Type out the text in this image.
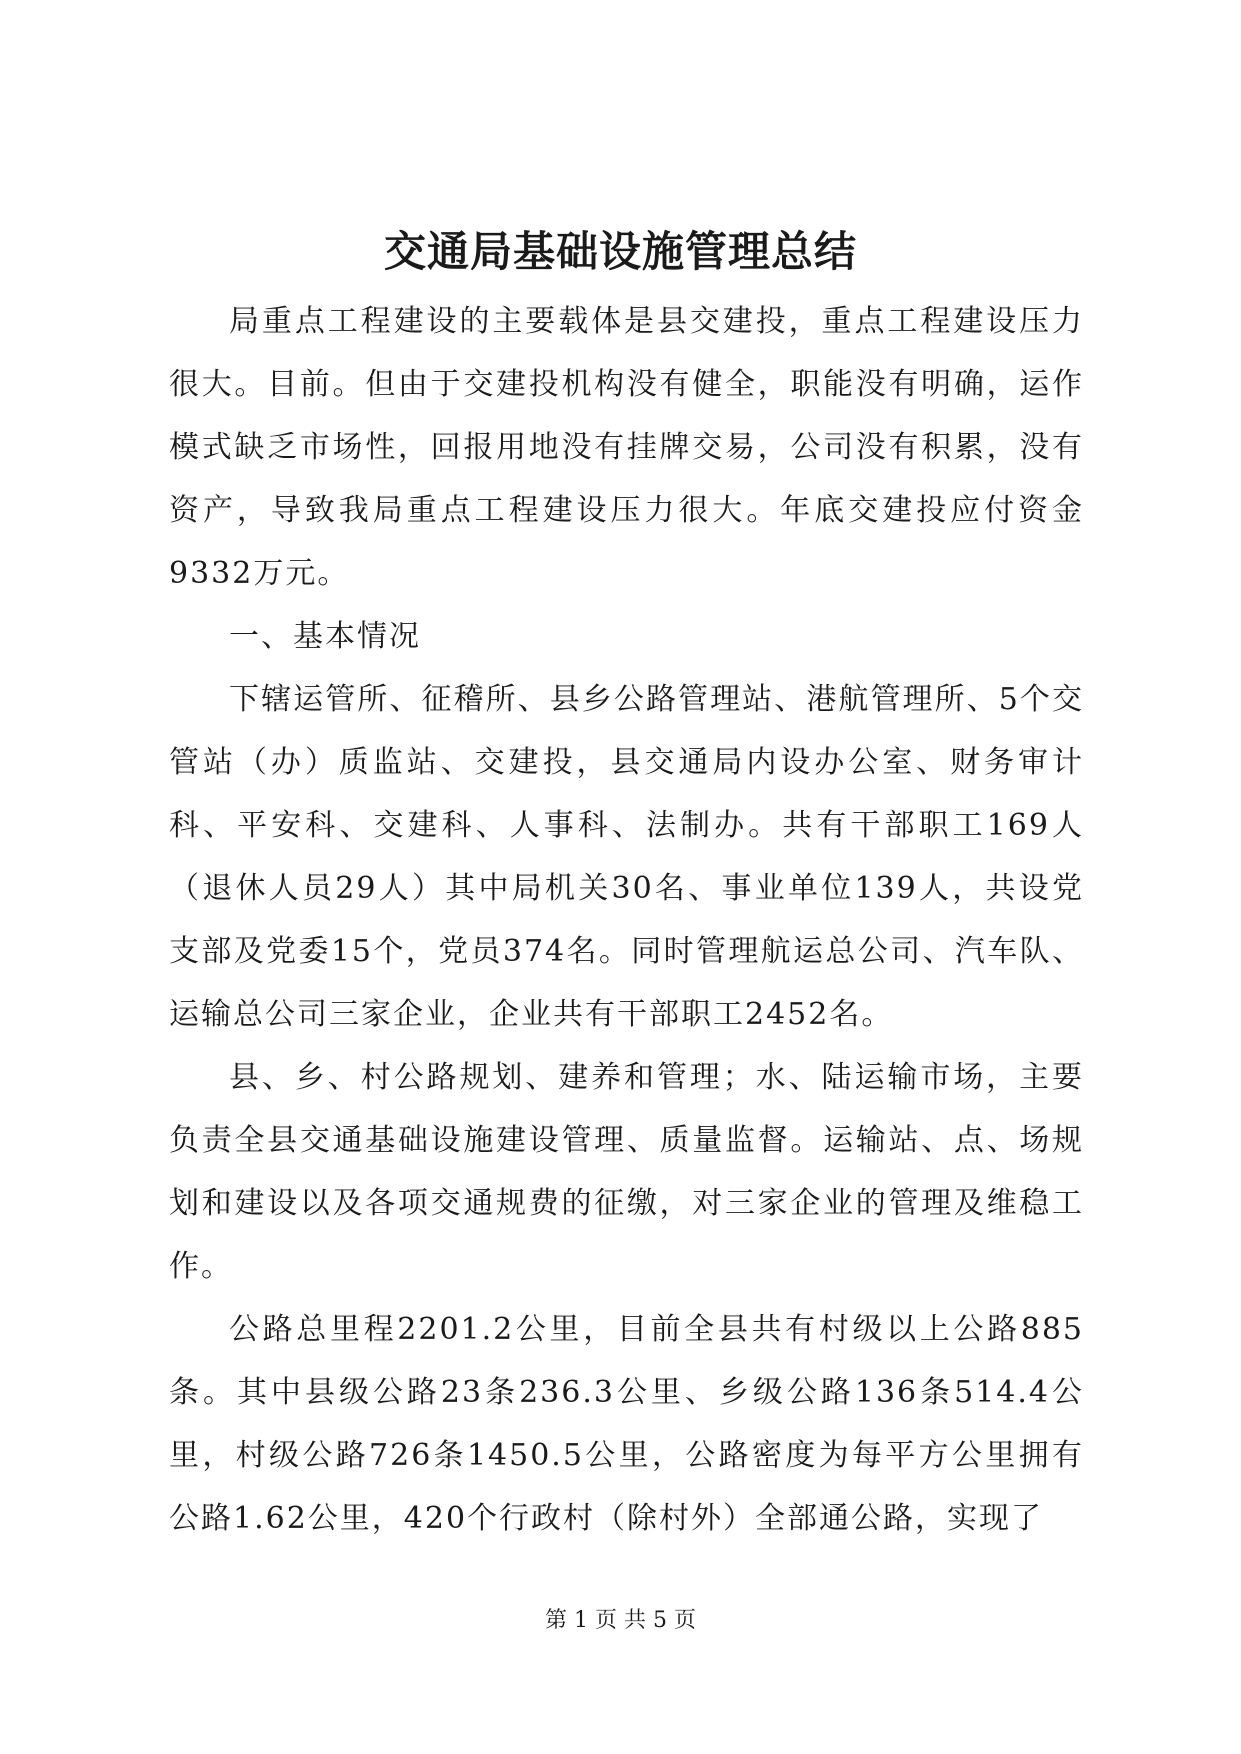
交通局基础设施管理总结

局重点工程建设的主要载体是县交建投，重点工程建设压力很大。目前。但由于交建投机构没有健全，职能没有明确，运作模式缺乏市场性，回报用地没有挂牌交易，公司没有积累，没有资产，导致我局重点工程建设压力很大。年底交建投应付资金9332万元。

一、基本情况

下辖运管所、征稽所、县乡公路管理站、港航管理所、5个交管站（办）质监站、交建投，县交通局内设办公室、财务审计科、平安科、交建科、人事科、法制办。共有干部职工169人（退休人员29人）其中局机关30名、事业单位139人，共设党支部及党委15个，党员374名。同时管理航运总公司、汽车队、运输总公司三家企业，企业共有干部职工2452名。

县、乡、村公路规划、建养和管理；水、陆运输市场，主要负责全县交通基础设施建设管理、质量监督。运输站、点、场规划和建设以及各项交通规费的征缴，对三家企业的管理及维稳工作。

公路总里程2201.2公里，目前全县共有村级以上公路885条。其中县级公路23条236.3公里、乡级公路136条514.4公里，村级公路726条1450.5公里，公路密度为每平方公里拥有公路1.62公里，420个行政村（除村外）全部通公路，实现了

第 1 页 共 5 页
